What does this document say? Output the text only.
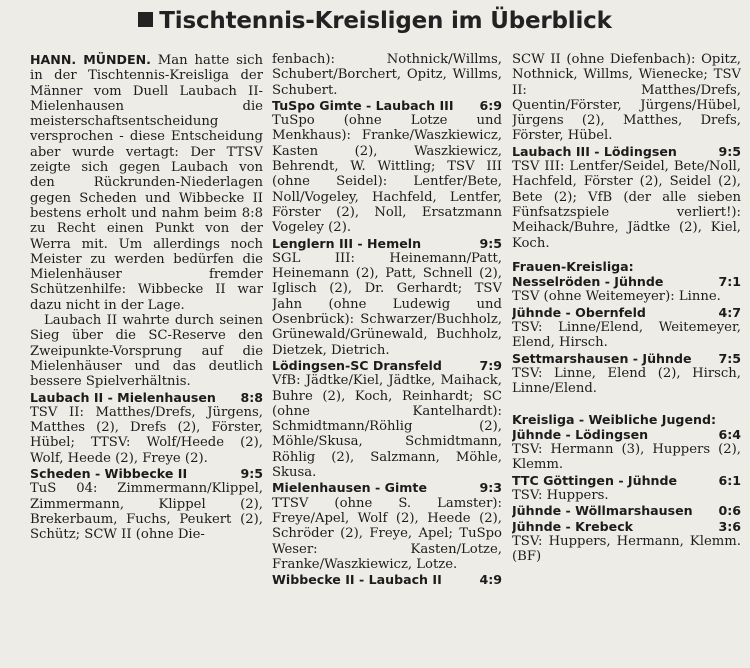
Tischtennis-Kreisligen im Überblick

HANN. MÜNDEN. Man hatte sich in der Tischtennis-Kreisliga der Männer vom Duell Laubach II-Mielenhausen die meisterschaftsentscheidung versprochen - diese Entscheidung aber wurde vertagt: Der TTSV zeigte sich gegen Laubach von den Rückrunden-Niederlagen gegen Scheden und Wibbecke II bestens erholt und nahm beim 8:8 zu Recht einen Punkt von der Werra mit. Um allerdings noch Meister zu werden bedürfen die Mielenhäuser fremder Schützenhilfe: Wibbecke II war dazu nicht in der Lage.

Laubach II wahrte durch seinen Sieg über die SC-Reserve den Zweipunkte-Vorsprung auf die Mielenhäuser und das deutlich bessere Spielverhältnis.

Laubach II - Mielenhausen 8:8

TSV II: Matthes/Drefs, Jürgens, Matthes (2), Drefs (2), Förster, Hübel; TTSV: Wolf/Heede (2), Wolf, Heede (2), Freye (2).

Scheden - Wibbecke II	9:5

TuS 04: Zimmermann/Klippel, Zimmermann, Klippel (2), Brekerbaum, Fuchs, Peukert (2), Schütz; SCW II (ohne Die-

fenbach): Nothnick/Willms, Schubert/Borchert, Opitz, Willms, Schubert.

TuSpo Gimte - Laubach III 6:9

TuSpo (ohne Lotze und Menkhaus): Franke/Waszkiewicz, Kasten (2), Waszkiewicz, Behrendt, W. Wittling; TSV III (ohne Seidel): Lentfer/Bete, Noll/Vogeley, Hachfeld, Lentfer, Förster (2), Noll, Ersatzmann Vogeley (2).

Lenglern III - Hemeln	9:5

SGL III: Heinemann/Patt, Heinemann (2), Patt, Schnell (2), Iglisch (2), Dr. Gerhardt; TSV Jahn (ohne Ludewig und Osenbrück): Schwarzer/Buchholz, Grünewald/Grünewald, Buchholz, Dietzek, Dietrich.

Lödingsen-SC Dransfeld	7:9

VfB: Jädtke/Kiel, Jädtke, Maihack, Buhre (2), Koch, Reinhardt; SC (ohne Kantelhardt): Schmidtmann/Röhlig (2), Möhle/Skusa, Schmidtmann, Röhlig (2), Salzmann, Möhle, Skusa.

Mielenhausen - Gimte	9:3

TTSV (ohne S. Lamster): Freye/Apel, Wolf (2), Heede (2), Schröder (2), Freye, Apel; TuSpo Weser: Kasten/Lotze, Franke/Waszkiewicz, Lotze.

Wibbecke II - Laubach II	4:9

SCW II (ohne Diefenbach): Opitz, Nothnick, Willms, Wienecke; TSV II: Matthes/Drefs, Quentin/Förster, Jürgens/Hübel, Jürgens (2), Matthes, Drefs, Förster, Hübel.

Laubach III - Lödingsen	9:5

TSV III: Lentfer/Seidel, Bete/Noll, Hachfeld, Förster (2), Seidel (2), Bete (2); VfB (der alle sieben Fünfsatzspiele verliert!): Meihack/Buhre, Jädtke (2), Kiel, Koch.

Frauen-Kreisliga:
Nesselröden - Jühnde	7:1

TSV (ohne Weitemeyer): Linne.

Jühnde - Obernfeld	4:7

TSV: Linne/Elend, Weitemeyer, Elend, Hirsch.

Settmarshausen - Jühnde 7:5

TSV: Linne, Elend (2), Hirsch, Linne/Elend.

Kreisliga - Weibliche Jugend:
Jühnde - Lödingsen	6:4

TSV: Hermann (3), Huppers (2), Klemm.

TTC Göttingen - Jühnde	6:1

TSV: Huppers.

Jühnde - Wöllmarshausen 0:6
Jühnde - Krebeck	3:6

TSV: Huppers, Hermann, Klemm. (BF)
